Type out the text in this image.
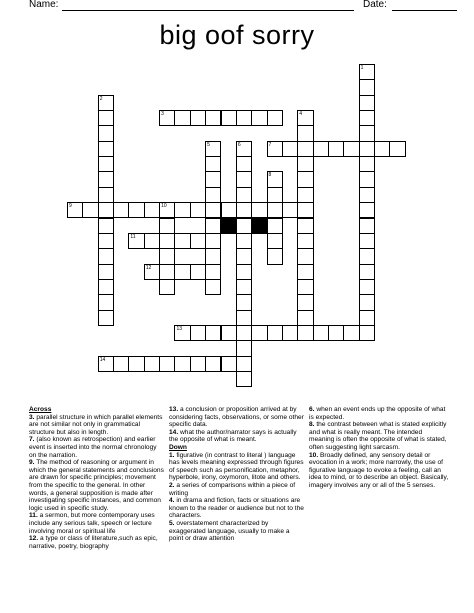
Name:	Date:
big oof sorry
1
2
3	4
5	6	7
8
9	10
11
12
13
14

Across

3. parallel structure in which parallel elements are not similar not only in grammatical structure but also in length.

7. (also known as retrospection) and earlier event is inserted into the normal chronology on the narration.

9. The method of reasoning or argument in which the general statements and conclusions are drawn for specific principles; movement from the specific to the general. In other words, a general supposition is made after investigating specific instances, and common logic used in specific study.

11. a sermon, but more contemporary uses include any serious talk, speech or lecture involving moral or spiritual life

12. a type or class of literature,such as epic, narrative, poetry, biography

13. a conclusion or proposition arrived at by considering facts, observations, or some other specific data.

14. what the author/narrator says is actually the opposite of what is meant.

Down

1. figurative (in contrast to literal ) language has levels meaning expressed through figures of speech such as personification, metaphor, hyperbole, irony, oxymoron, litote and others.

2. a series of comparisons within a piece of writing

4. in drama and fiction, facts or situations are known to the reader or audience but not to the characters.

5. overstatement characterized by exaggerated language, usually to make a point or draw attention

6. when an event ends up the opposite of what is expected.

8. the contrast between what is stated explicitly and what is really meant. The intended meaning is often the opposite of what is stated, often suggesting light sarcasm.

10. Broadly defined, any sensory detail or evocation in a work; more narrowly, the use of figurative language to evoke a feeling, call an idea to mind, or to describe an object. Basically, imagery involves any or all of the 5 senses.
